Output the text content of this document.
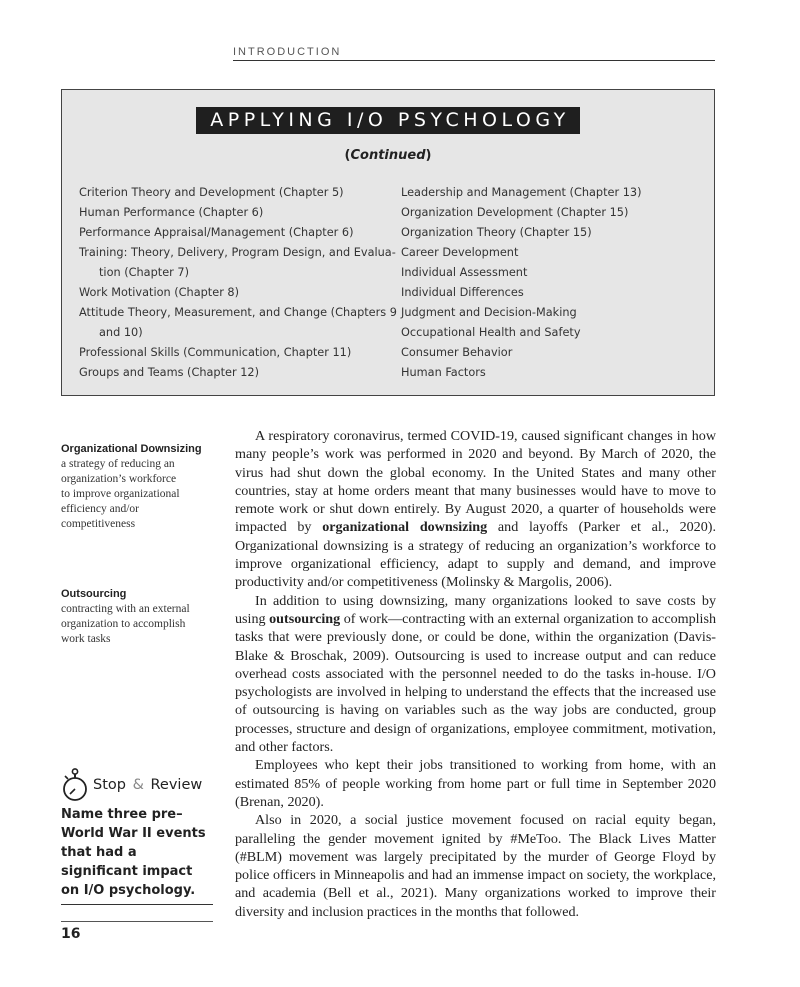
INTRODUCTION
APPLYING I/O PSYCHOLOGY
(Continued)
Criterion Theory and Development (Chapter 5)
Human Performance (Chapter 6)
Performance Appraisal/Management (Chapter 6)
Training: Theory, Delivery, Program Design, and Evalua-
tion (Chapter 7)
Work Motivation (Chapter 8)
Attitude Theory, Measurement, and Change (Chapters 9
and 10)
Professional Skills (Communication, Chapter 11)
Groups and Teams (Chapter 12)
Leadership and Management (Chapter 13)
Organization Development (Chapter 15)
Organization Theory (Chapter 15)
Career Development
Individual Assessment
Individual Differences
Judgment and Decision-Making
Occupational Health and Safety
Consumer Behavior
Human Factors
Organizational Downsizing
a strategy of reducing an
organization’s workforce
to improve organizational
efficiency and/or
competitiveness
Outsourcing
contracting with an external
organization to accomplish
work tasks

A respiratory coronavirus, termed COVID-19, caused significant changes in how many people’s work was performed in 2020 and beyond. By March of 2020, the virus had shut down the global economy. In the United States and many other countries, stay at home orders meant that many businesses would have to move to remote work or shut down entirely. By August 2020, a quarter of households were impacted by organizational downsizing and layoffs (Parker et al., 2020). Organizational downsizing is a strategy of reducing an organization’s workforce to improve organizational efficiency, adapt to supply and demand, and improve productivity and/or competitiveness (Molinsky & Margolis, 2006).

In addition to using downsizing, many organizations looked to save costs by using outsourcing of work—contracting with an external organization to accomplish tasks that were previously done, or could be done, within the organization (Davis-Blake & Broschak, 2009). Outsourcing is used to increase output and can reduce overhead costs associated with the personnel needed to do the tasks in-house. I/O psychologists are involved in helping to understand the effects that the increased use of outsourcing is having on variables such as the way jobs are conducted, group processes, structure and design of organizations, employee commitment, motivation, and other factors.

Employees who kept their jobs transitioned to working from home, with an estimated 85% of people working from home part or full time in September 2020 (Brenan, 2020).

Also in 2020, a social justice movement focused on racial equity began, paralleling the gender movement ignited by #MeToo. The Black Lives Matter (#BLM) movement was largely precipitated by the murder of George Floyd by police officers in Minneapolis and had an immense impact on society, the workplace, and academia (Bell et al., 2021). Many organizations worked to improve their diversity and inclusion practices in the months that followed.

Stop
&
Review
Name three pre–World War II events that had a significant impact on I/O psychology.
16
